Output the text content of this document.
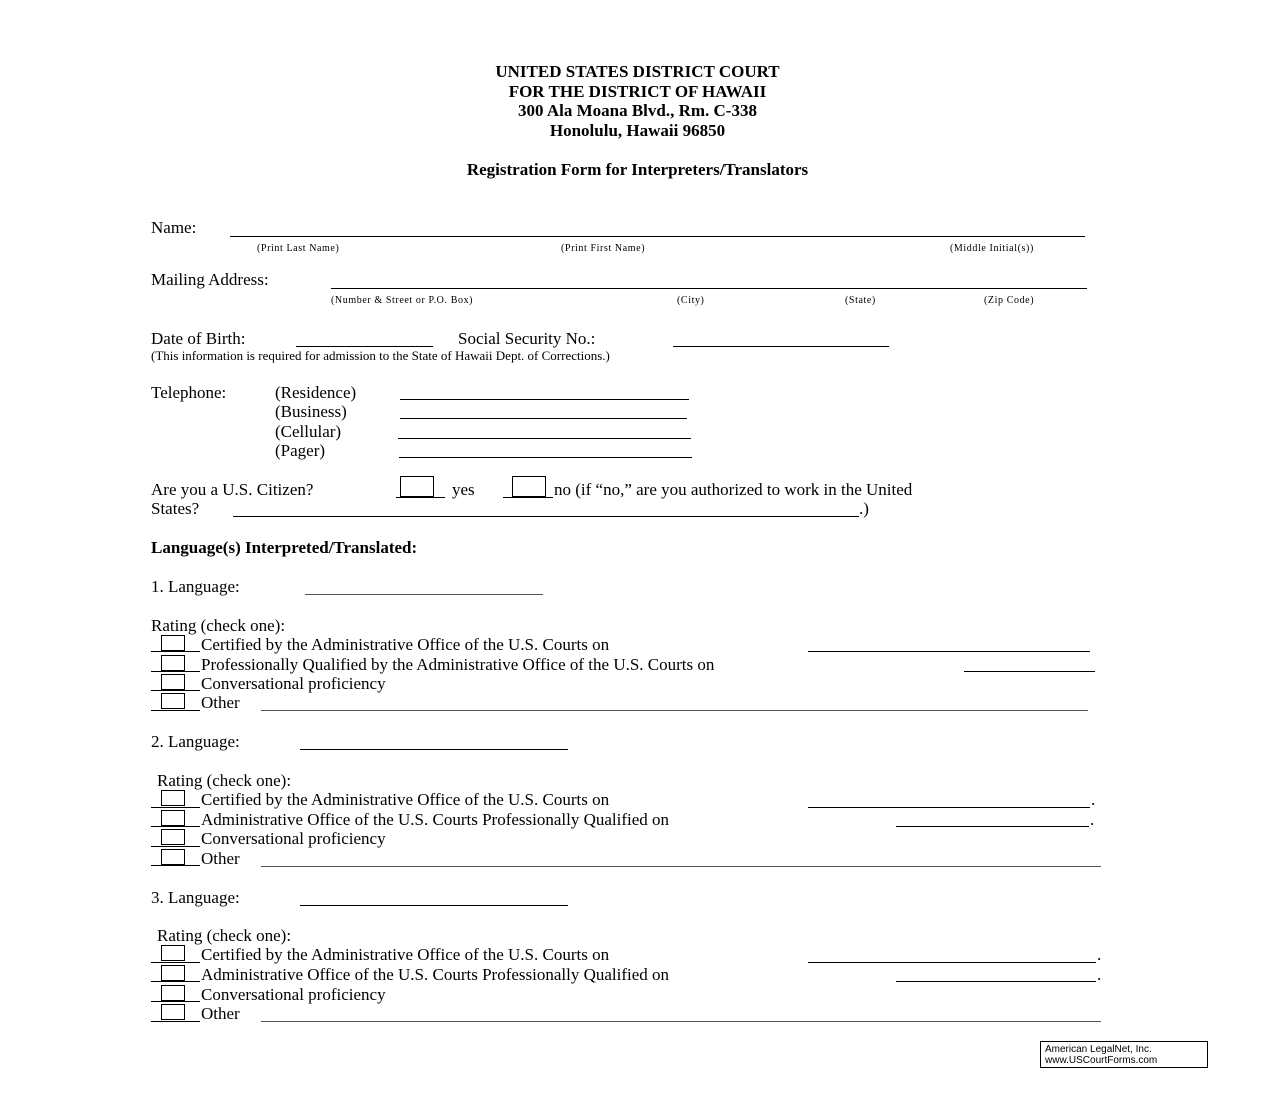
UNITED STATES DISTRICT COURT
FOR THE DISTRICT OF HAWAII
300 Ala Moana Blvd., Rm. C-338
Honolulu, Hawaii 96850
Registration Form for Interpreters/Translators
Name:
(Print Last Name)	(Print First Name)	(Middle Initial(s))
Mailing Address:
(Number & Street or P.O. Box)	(City)	(State)	(Zip Code)
Date of Birth:	Social Security No.:
(This information is required for admission to the State of Hawaii Dept. of Corrections.)
Telephone:	(Residence)
(Business)
(Cellular)
(Pager)
Are you a U.S. Citizen?	yes	no (if “no,” are you authorized to work in the United
States?	.)
Language(s) Interpreted/Translated:
1. Language:
Rating (check one):
Certified by the Administrative Office of the U.S. Courts on
Professionally Qualified by the Administrative Office of the U.S. Courts on
Conversational proficiency
Other
2. Language:
Rating (check one):
Certified by the Administrative Office of the U.S. Courts on	.
Administrative Office of the U.S. Courts Professionally Qualified on	.
Conversational proficiency
Other
3. Language:
Rating (check one):
Certified by the Administrative Office of the U.S. Courts on	.
Administrative Office of the U.S. Courts Professionally Qualified on	.
Conversational proficiency
Other
American LegalNet, Inc.
www.USCourtForms.com
